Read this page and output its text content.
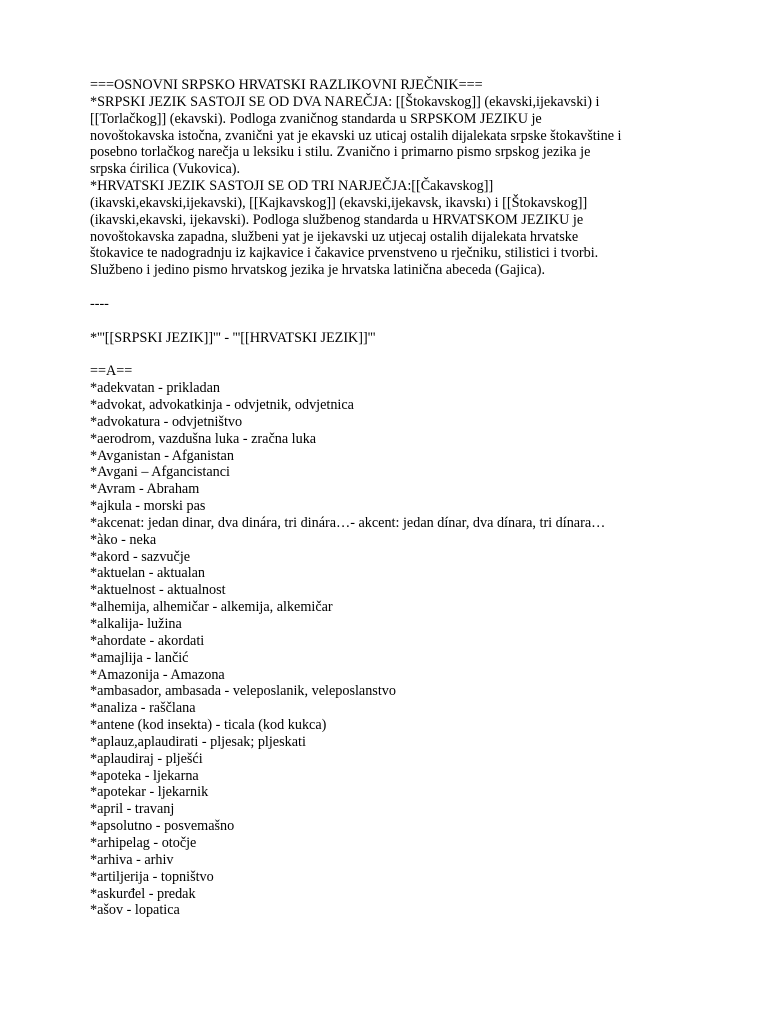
===OSNOVNI SRPSKO HRVATSKI RAZLIKOVNI RJEČNIK===
*SRPSKI JEZIK SASTOJI SE OD DVA NAREČJA: [[Štokavskog]] (ekavski,ijekavski) i
[[Torlačkog]] (ekavski). Podloga zvaničnog standarda u SRPSKOM JEZIKU je
novoštokavska istočna, zvanični yat je ekavski uz uticaj ostalih dijalekata srpske štokavštine i
posebno torlačkog narečja u leksiku i stilu. Zvanično i primarno pismo srpskog jezika je
srpska ćirilica (Vukovica).
*HRVATSKI JEZIK SASTOJI SE OD TRI NARJEČJA:[[Čakavskog]]
(ikavski,ekavski,ijekavski), [[Kajkavskog]] (ekavski,ijekavsk, ikavskı) i [[Štokavskog]]
(ikavski,ekavski, ijekavski). Podloga službenog standarda u HRVATSKOM JEZIKU je
novoštokavska zapadna, službeni yat je ijekavski uz utjecaj ostalih dijalekata hrvatske
štokavice te nadogradnju iz kajkavice i čakavice prvenstveno u rječniku, stilistici i tvorbi.
Službeno i jedino pismo hrvatskog jezika je hrvatska latinična abeceda (Gajica).
----
*'''[[SRPSKI JEZIK]]''' - '''[[HRVATSKI JEZIK]]'''
==A==
*adekvatan - prikladan
*advokat, advokatkinja - odvjetnik, odvjetnica
*advokatura - odvjetništvo
*aerodrom, vazdušna luka - zračna luka
*Avganistan - Afganistan
*Avgani – Afgancistanci
*Avram - Abraham
*ajkula - morski pas
*akcenat: jedan dinar, dva dinára, tri dinára…- akcent: jedan dínar, dva dínara, tri dínara…
*àko - neka
*akord - sazvučje
*aktuelan - aktualan
*aktuelnost - aktualnost
*alhemija, alhemičar - alkemija, alkemičar
*alkalija- lužina
*ahordate - akordati
*amajlija - lančić
*Amazonija - Amazona
*ambasador, ambasada - veleposlanik, veleposlanstvo
*analiza - raščlana
*antene (kod insekta) - ticala (kod kukca)
*aplauz,aplaudirati - pljesak; pljeskati
*aplaudiraj - plješći
*apoteka - ljekarna
*apotekar - ljekarnik
*april - travanj
*apsolutno - posvemašno
*arhipelag - otočje
*arhiva - arhiv
*artiljerija - topništvo
*askurđel - predak
*ašov - lopatica
